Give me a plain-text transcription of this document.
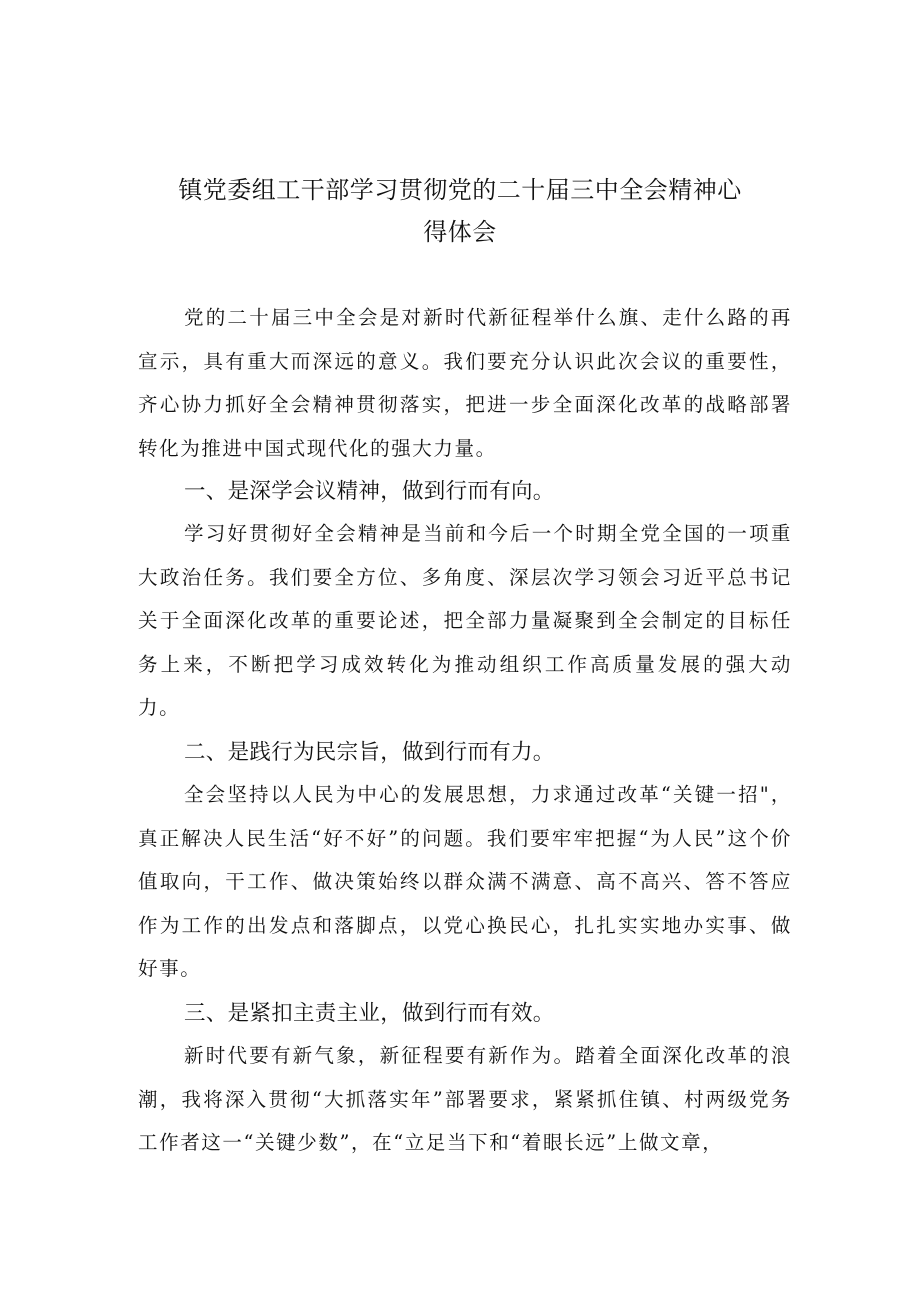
镇党委组工干部学习贯彻党的二十届三中全会精神心
得体会

党的二十届三中全会是对新时代新征程举什么旗、走什么路的再宣示，具有重大而深远的意义。我们要充分认识此次会议的重要性，齐心协力抓好全会精神贯彻落实，把进一步全面深化改革的战略部署转化为推进中国式现代化的强大力量。

一、是深学会议精神，做到行而有向。

学习好贯彻好全会精神是当前和今后一个时期全党全国的一项重大政治任务。我们要全方位、多角度、深层次学习领会习近平总书记关于全面深化改革的重要论述，把全部力量凝聚到全会制定的目标任务上来，不断把学习成效转化为推动组织工作高质量发展的强大动力。

二、是践行为民宗旨，做到行而有力。

全会坚持以人民为中心的发展思想，力求通过改革“关键一招"，真正解决人民生活“好不好”的问题。我们要牢牢把握“为人民”这个价值取向，干工作、做决策始终以群众满不满意、高不高兴、答不答应作为工作的出发点和落脚点，以党心换民心，扎扎实实地办实事、做好事。

三、是紧扣主责主业，做到行而有效。

新时代要有新气象，新征程要有新作为。踏着全面深化改革的浪潮，我将深入贯彻“大抓落实年”部署要求，紧紧抓住镇、村两级党务工作者这一“关键少数”，在“立足当下和“着眼长远”上做文章，
